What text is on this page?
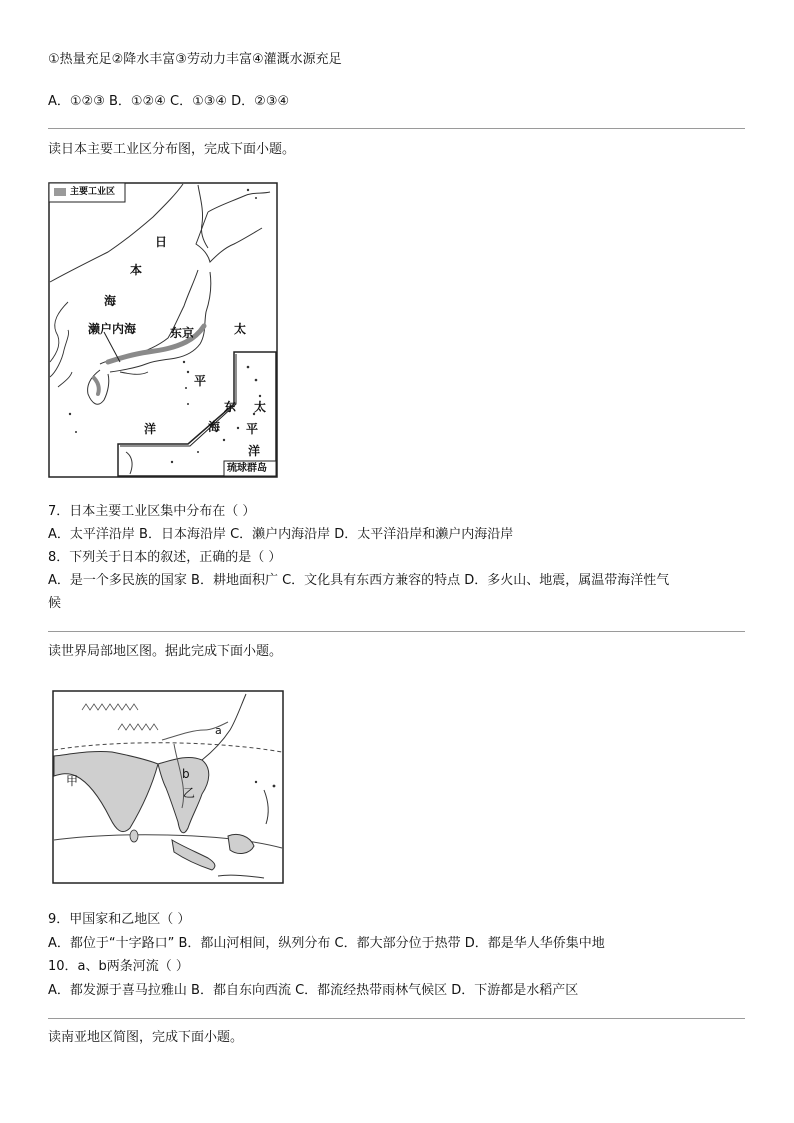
①热量充足②降水丰富③劳动力丰富④灌溉水源充足
A．①②③ B．①②④ C．①③④ D．②③④
读日本主要工业区分布图，完成下面小题。
主要工业区
日
本
海
濑户内海	东京	太
平
洋
东 太
海 平
洋
琉球群岛
7．日本主要工业区集中分布在（ ）
A．太平洋沿岸 B．日本海沿岸 C．濑户内海沿岸 D．太平洋沿岸和濑户内海沿岸
8．下列关于日本的叙述，正确的是（ ）
A．是一个多民族的国家 B．耕地面积广 C．文化具有东西方兼容的特点 D．多火山、地震，属温带海洋性气
候
读世界局部地区图。据此完成下面小题。
a
b
甲
乙
9．甲国家和乙地区（ ）
A．都位于“十字路口” B．都山河相间，纵列分布 C．都大部分位于热带 D．都是华人华侨集中地
10．a、b两条河流（ ）
A．都发源于喜马拉雅山 B．都自东向西流 C．都流经热带雨林气候区 D．下游都是水稻产区
读南亚地区简图，完成下面小题。
